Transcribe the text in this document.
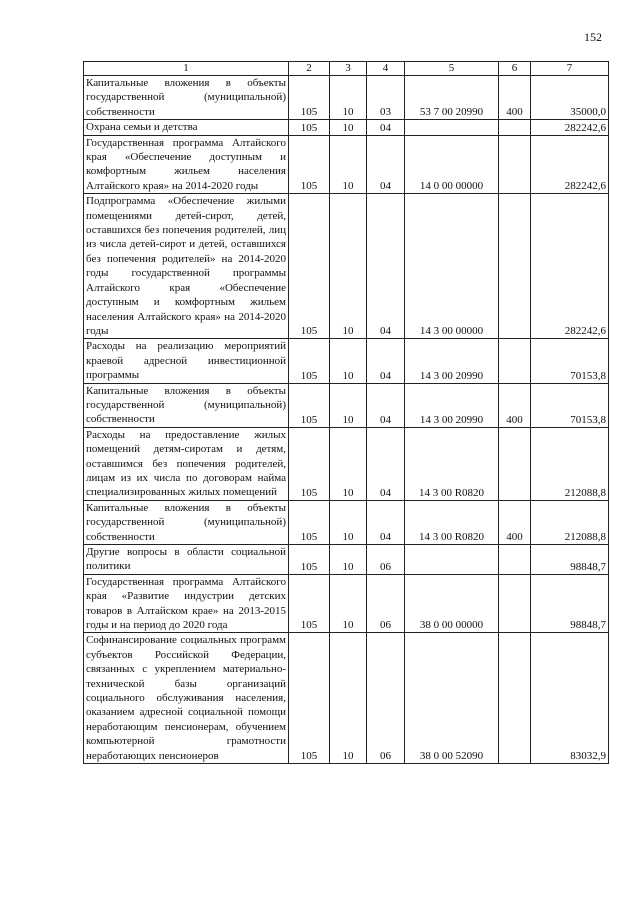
152
1	2	3	4	5	6	7
Капитальные вложения в объекты государственной (муниципальной) собственности	105	10	03	53 7 00 20990	400	35000,0
Охрана семьи и детства	105	10	04			282242,6
Государственная программа Алтайского края «Обеспечение доступным и комфортным жильем населения Алтайского края» на 2014-2020 годы	105	10	04	14 0 00 00000		282242,6
Подпрограмма «Обеспечение жилыми помещениями детей-сирот, детей, оставшихся без попечения родителей, лиц из числа детей-сирот и детей, оставшихся без попечения родителей» на 2014-2020 годы государственной программы Алтайского края «Обеспечение доступным и комфортным жильем населения Алтайского края» на 2014-2020 годы	105	10	04	14 3 00 00000		282242,6
Расходы на реализацию мероприятий краевой адресной инвестиционной программы	105	10	04	14 3 00 20990		70153,8
Капитальные вложения в объекты государственной (муниципальной) собственности	105	10	04	14 3 00 20990	400	70153,8
Расходы на предоставление жилых помещений детям-сиротам и детям, оставшимся без попечения родителей, лицам из их числа по договорам найма специализированных жилых помещений	105	10	04	14 3 00 R0820		212088,8
Капитальные вложения в объекты государственной (муниципальной) собственности	105	10	04	14 3 00 R0820	400	212088,8
Другие вопросы в области социальной политики	105	10	06			98848,7
Государственная программа Алтайского края «Развитие индустрии детских товаров в Алтайском крае» на 2013-2015 годы и на период до 2020 года	105	10	06	38 0 00 00000		98848,7
Софинансирование социальных программ субъектов Российской Федерации, связанных с укреплением материально-технической базы организаций социального обслуживания населения, оказанием адресной социальной помощи неработающим пенсионерам, обучением компьютерной грамотности неработающих пенсионеров	105	10	06	38 0 00 52090		83032,9
